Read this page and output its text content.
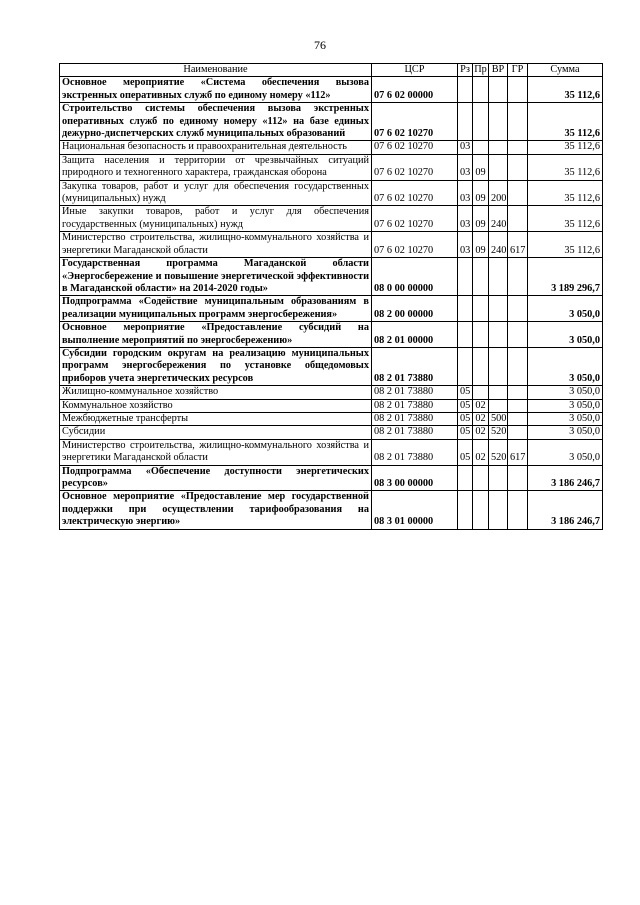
76
Наименование	ЦСР	Рз	Пр	ВР	ГР	Сумма
Основное мероприятие «Система обеспечения вызова экстренных оперативных служб по единому номеру «112»	07 6 02 00000					35 112,6
Строительство системы обеспечения вызова экстренных оперативных служб по единому номеру «112» на базе единых дежурно-диспетчерских служб муниципальных образований	07 6 02 10270					35 112,6
Национальная безопасность и правоохранительная деятельность	07 6 02 10270	03				35 112,6
Защита населения и территории от чрезвычайных ситуаций природного и техногенного характера, гражданская оборона	07 6 02 10270	03	09			35 112,6
Закупка товаров, работ и услуг для обеспечения государственных (муниципальных) нужд	07 6 02 10270	03	09	200		35 112,6
Иные закупки товаров, работ и услуг для обеспечения государственных (муниципальных) нужд	07 6 02 10270	03	09	240		35 112,6
Министерство строительства, жилищно-коммунального хозяйства и энергетики Магаданской области	07 6 02 10270	03	09	240	617	35 112,6
Государственная программа Магаданской области «Энергосбережение и повышение энергетической эффективности в Магаданской области» на 2014-2020 годы»	08 0 00 00000					3 189 296,7
Подпрограмма «Содействие муниципальным образованиям в реализации муниципальных программ энергосбережения»	08 2 00 00000					3 050,0
Основное мероприятие «Предоставление субсидий на выполнение мероприятий по энергосбережению»	08 2 01 00000					3 050,0
Субсидии городским округам на реализацию муниципальных программ энергосбережения по установке общедомовых приборов учета энергетических ресурсов	08 2 01 73880					3 050,0
Жилищно-коммунальное хозяйство	08 2 01 73880	05				3 050,0
Коммунальное хозяйство	08 2 01 73880	05	02			3 050,0
Межбюджетные трансферты	08 2 01 73880	05	02	500		3 050,0
Субсидии	08 2 01 73880	05	02	520		3 050,0
Министерство строительства, жилищно-коммунального хозяйства и энергетики Магаданской области	08 2 01 73880	05	02	520	617	3 050,0
Подпрограмма «Обеспечение доступности энергетических ресурсов»	08 3 00 00000					3 186 246,7
Основное мероприятие «Предоставление мер государственной поддержки при осуществлении тарифообразования на электрическую энергию»	08 3 01 00000					3 186 246,7
